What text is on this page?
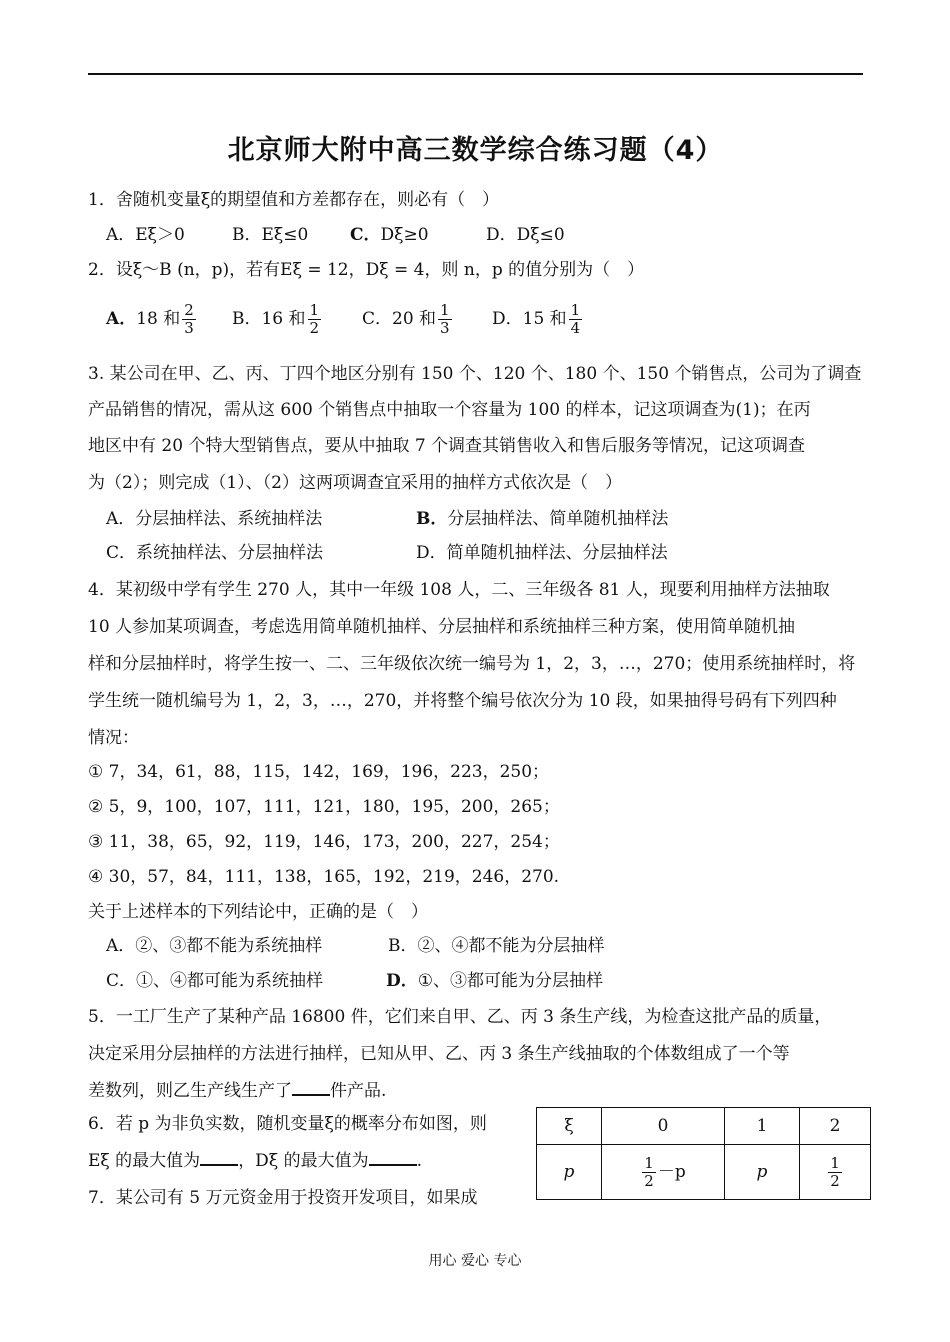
北京师大附中高三数学综合练习题（4）
1．舍随机变量ξ的期望值和方差都存在，则必有（　）
A．Eξ＞0	B．Eξ≤0 C．Dξ≥0	D．Dξ≤0
2．设ξ～B (n，p)，若有Eξ = 12，Dξ = 4，则 n，p 的值分别为（　）
A．18 和 $\frac{2}{3}$ B．16 和 $\frac{1}{2}$ C．20 和 $\frac{1}{3}$ D．15 和 $\frac{1}{4}$
3. 某公司在甲、乙、丙、丁四个地区分别有 150 个、120 个、180 个、150 个销售点，公司为了调查
产品销售的情况，需从这 600 个销售点中抽取一个容量为 100 的样本，记这项调查为(1)；在丙
地区中有 20 个特大型销售点，要从中抽取 7 个调查其销售收入和售后服务等情况，记这项调查
为（2）；则完成（1）、（2）这两项调查宜采用的抽样方式依次是（　）
A．分层抽样法、系统抽样法	B．分层抽样法、简单随机抽样法
C．系统抽样法、分层抽样法	D．简单随机抽样法、分层抽样法
4．某初级中学有学生 270 人，其中一年级 108 人，二、三年级各 81 人，现要利用抽样方法抽取
10 人参加某项调查，考虑选用简单随机抽样、分层抽样和系统抽样三种方案，使用简单随机抽
样和分层抽样时，将学生按一、二、三年级依次统一编号为 1，2，3，…，270；使用系统抽样时，将
学生统一随机编号为 1，2，3，…，270，并将整个编号依次分为 10 段，如果抽得号码有下列四种
情况：
① 7，34，61，88，115，142，169，196，223，250；
② 5，9，100，107，111，121，180，195，200，265；
③ 11，38，65，92，119，146，173，200，227，254；
④ 30，57，84，111，138，165，192，219，246，270.
关于上述样本的下列结论中，正确的是（　）
A．②、③都不能为系统抽样	B．②、④都不能为分层抽样
C．①、④都可能为系统抽样	D．①、③都可能为分层抽样
5．一工厂生产了某种产品 16800 件，它们来自甲、乙、丙 3 条生产线，为检查这批产品的质量，
决定采用分层抽样的方法进行抽样，已知从甲、乙、丙 3 条生产线抽取的个体数组成了一个等
差数列，则乙生产线生产了 件产品.
6．若 p 为非负实数，随机变量ξ的概率分布如图，则
Eξ 的最大值为 ，Dξ 的最大值为	.
7．某公司有 5 万元资金用于投资开发项目，如果成
ξ	0	1	2
p	$\frac{1}{2} -p$	p	$\frac{1}{2}$
用心 爱心 专心
